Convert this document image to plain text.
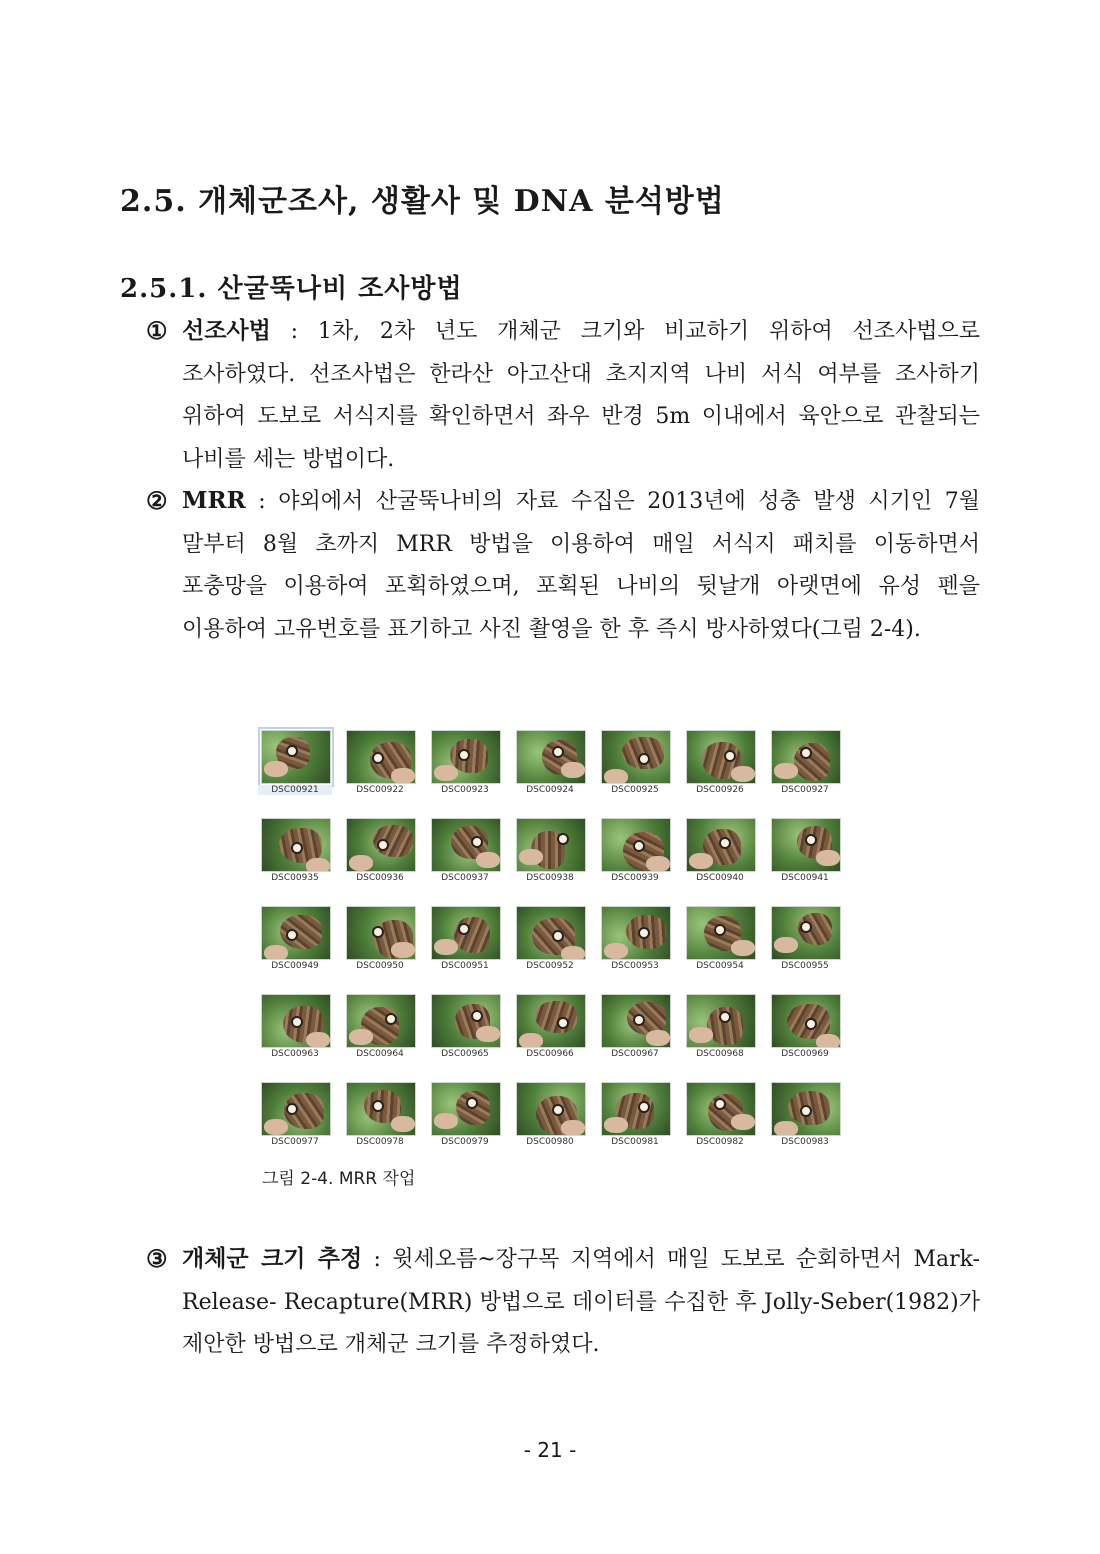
2.5. 개체군조사, 생활사 및 DNA 분석방법
2.5.1. 산굴뚝나비 조사방법
① 선조사법 : 1차, 2차 년도 개체군 크기와 비교하기 위하여 선조사법으로 조사하였다. 선조사법은 한라산 아고산대 초지지역 나비 서식 여부를 조사하기 위하여 도보로 서식지를 확인하면서 좌우 반경 5m 이내에서 육안으로 관찰되는 나비를 세는 방법이다.
② MRR : 야외에서 산굴뚝나비의 자료 수집은 2013년에 성충 발생 시기인 7월 말부터 8월 초까지 MRR 방법을 이용하여 매일 서식지 패치를 이동하면서 포충망을 이용하여 포획하였으며, 포획된 나비의 뒷날개 아랫면에 유성 펜을 이용하여 고유번호를 표기하고 사진 촬영을 한 후 즉시 방사하였다(그림 2-4).
DSC00921	DSC00922	DSC00923	DSC00924	DSC00925	DSC00926	DSC00927
DSC00935	DSC00936	DSC00937	DSC00938	DSC00939	DSC00940	DSC00941
DSC00949	DSC00950	DSC00951	DSC00952	DSC00953	DSC00954	DSC00955
DSC00963	DSC00964	DSC00965	DSC00966	DSC00967	DSC00968	DSC00969
DSC00977	DSC00978	DSC00979	DSC00980	DSC00981	DSC00982	DSC00983
그림 2-4. MRR 작업
③ 개체군 크기 추정 : 윗세오름~장구목 지역에서 매일 도보로 순회하면서 Mark-Release- Recapture(MRR) 방법으로 데이터를 수집한 후 Jolly-Seber(1982)가 제안한 방법으로 개체군 크기를 추정하였다.
- 21 -
